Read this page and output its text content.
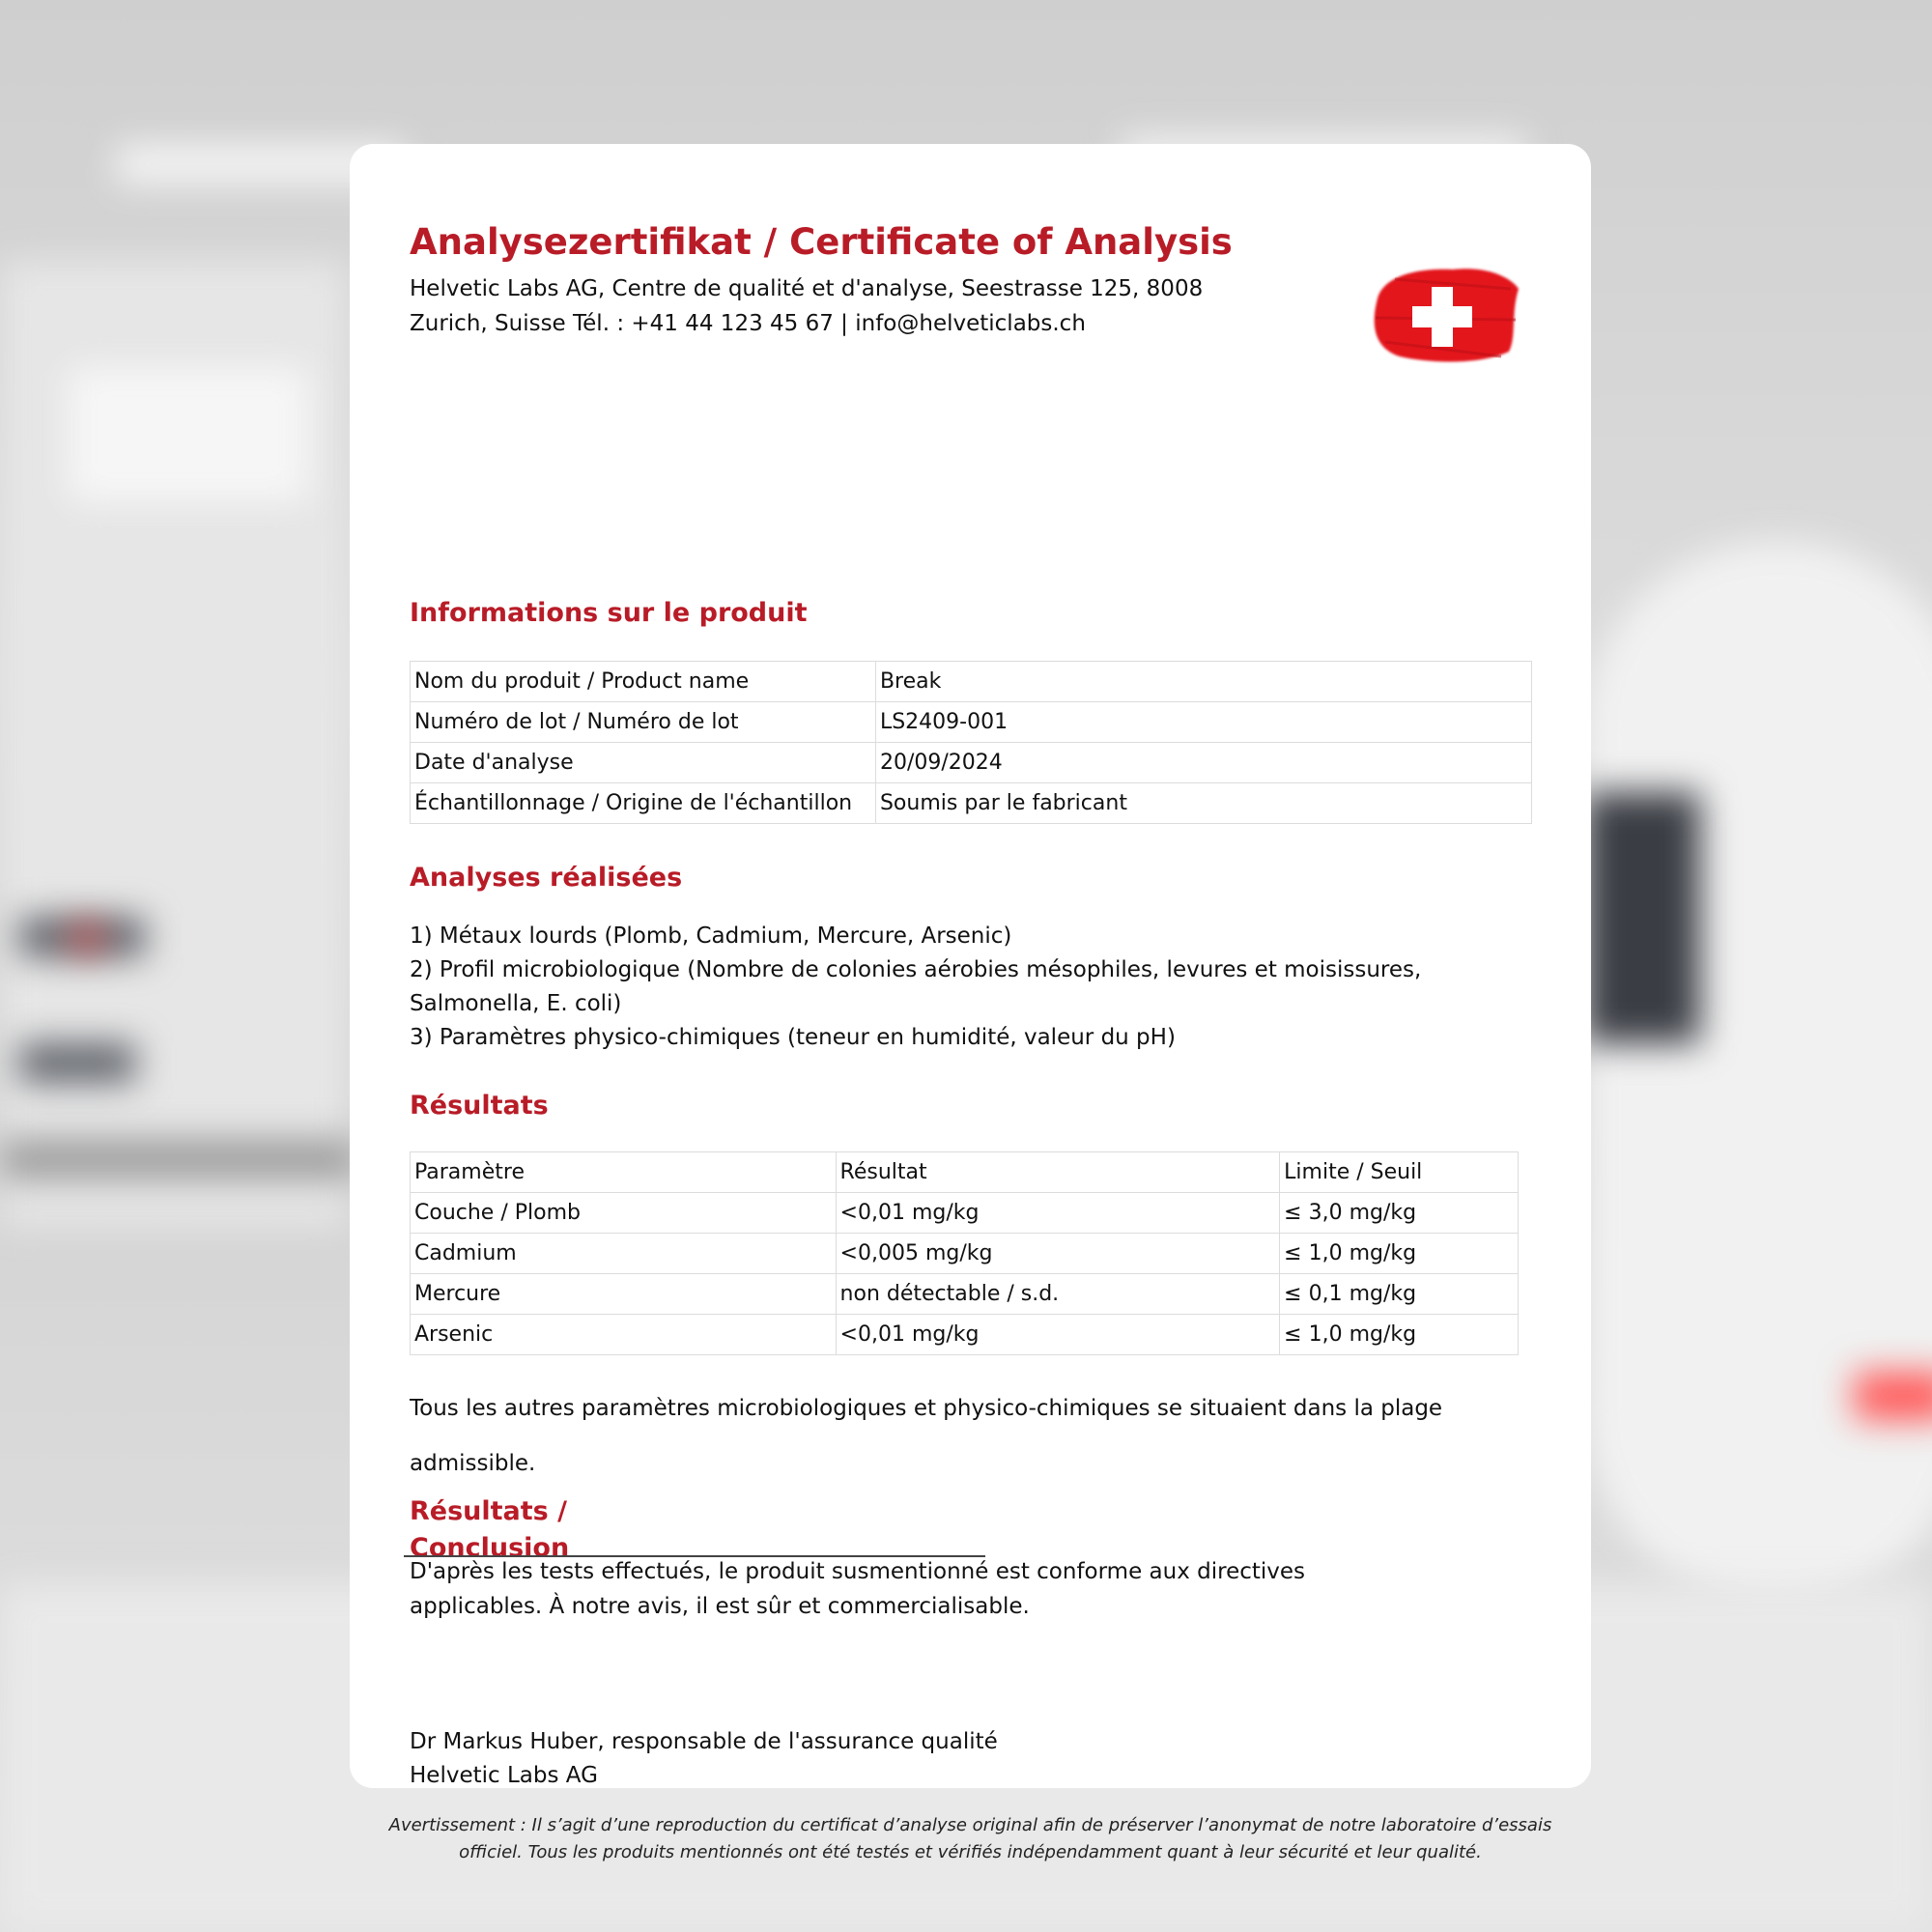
Analysezertifikat / Certificate of Analysis
Helvetic Labs AG, Centre de qualité et d'analyse, Seestrasse 125, 8008
Zurich, Suisse Tél. : +41 44 123 45 67 | info@helveticlabs.ch
Informations sur le produit
Nom du produit / Product name	Break
Numéro de lot / Numéro de lot	LS2409-001
Date d'analyse	20/09/2024
Échantillonnage / Origine de l'échantillon	Soumis par le fabricant
Analyses réalisées
1) Métaux lourds (Plomb, Cadmium, Mercure, Arsenic)
2) Profil microbiologique (Nombre de colonies aérobies mésophiles, levures et moisissures, Salmonella, E. coli)
3) Paramètres physico-chimiques (teneur en humidité, valeur du pH)
Résultats
Paramètre	Résultat	Limite / Seuil
Couche / Plomb	<0,01 mg/kg	≤ 3,0 mg/kg
Cadmium	<0,005 mg/kg	≤ 1,0 mg/kg
Mercure	non détectable / s.d.	≤ 0,1 mg/kg
Arsenic	<0,01 mg/kg	≤ 1,0 mg/kg
Tous les autres paramètres microbiologiques et physico-chimiques se situaient dans la plage
admissible.
Résultats /
Conclusion
D'après les tests effectués, le produit susmentionné est conforme aux directives
applicables. À notre avis, il est sûr et commercialisable.
Dr Markus Huber, responsable de l'assurance qualité
Helvetic Labs AG
Avertissement : Il s’agit d’une reproduction du certificat d’analyse original afin de préserver l’anonymat de notre laboratoire d’essais
officiel. Tous les produits mentionnés ont été testés et vérifiés indépendamment quant à leur sécurité et leur qualité.
